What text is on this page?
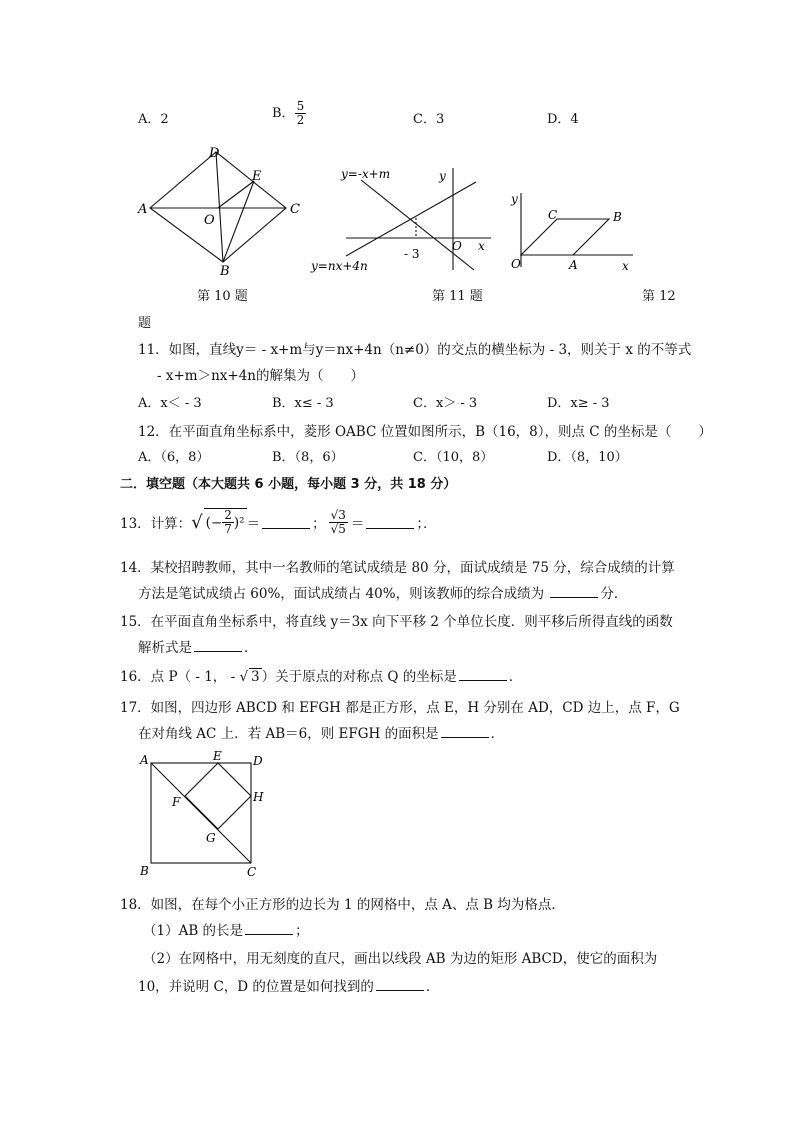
A．2	B． $\frac{5}{2}$	C．3	D．4
A
D
E
C
O
B
第 10 题
y=-x+m
y=nx+4n
y
x
O
- 3
第 11 题
y
x
O	A
B
C
第 12
题
11．如图，直线y＝ - x+m与y＝nx+4n（n≠0）的交点的横坐标为 - 3，则关于 x 的不等式
- x+m＞nx+4n的解集为（　　）
A．x＜ - 3	B．x≤ - 3	C．x＞ - 3	D．x≥ - 3
12．在平面直角坐标系中，菱形 OABC 位置如图所示，B（16，8），则点 C 的坐标是（　　）
A．（6，8）	B．（8，6）	C．（10，8）	D．（8，10）
二．填空题（本大题共 6 小题，每小题 3 分，共 18 分）
13．计算： √ (− $\frac{2}{7} )^2$ ＝	； $\frac{√3}{√5}$ ＝	；．
14．某校招聘教师，其中一名教师的笔试成绩是 80 分，面试成绩是 75 分，综合成绩的计算
方法是笔试成绩占 60%，面试成绩占 40%，则该教师的综合成绩为	分．
15．在平面直角坐标系中，将直线 y＝3x 向下平移 2 个单位长度．则平移后所得直线的函数
解析式是	．
16．点 P（ - 1， - √ 3 ）关于原点的对称点 Q 的坐标是	．
17．如图，四边形 ABCD 和 EFGH 都是正方形，点 E，H 分别在 AD，CD 边上，点 F，G
在对角线 AC 上．若 AB＝6，则 EFGH 的面积是	．
A	E	D
H
F
G
B	C
18．如图，在每个小正方形的边长为 1 的网格中，点 A、点 B 均为格点．
（1）AB 的长是	；
（2）在网格中，用无刻度的直尺，画出以线段 AB 为边的矩形 ABCD，使它的面积为
10，并说明 C，D 的位置是如何找到的	．
